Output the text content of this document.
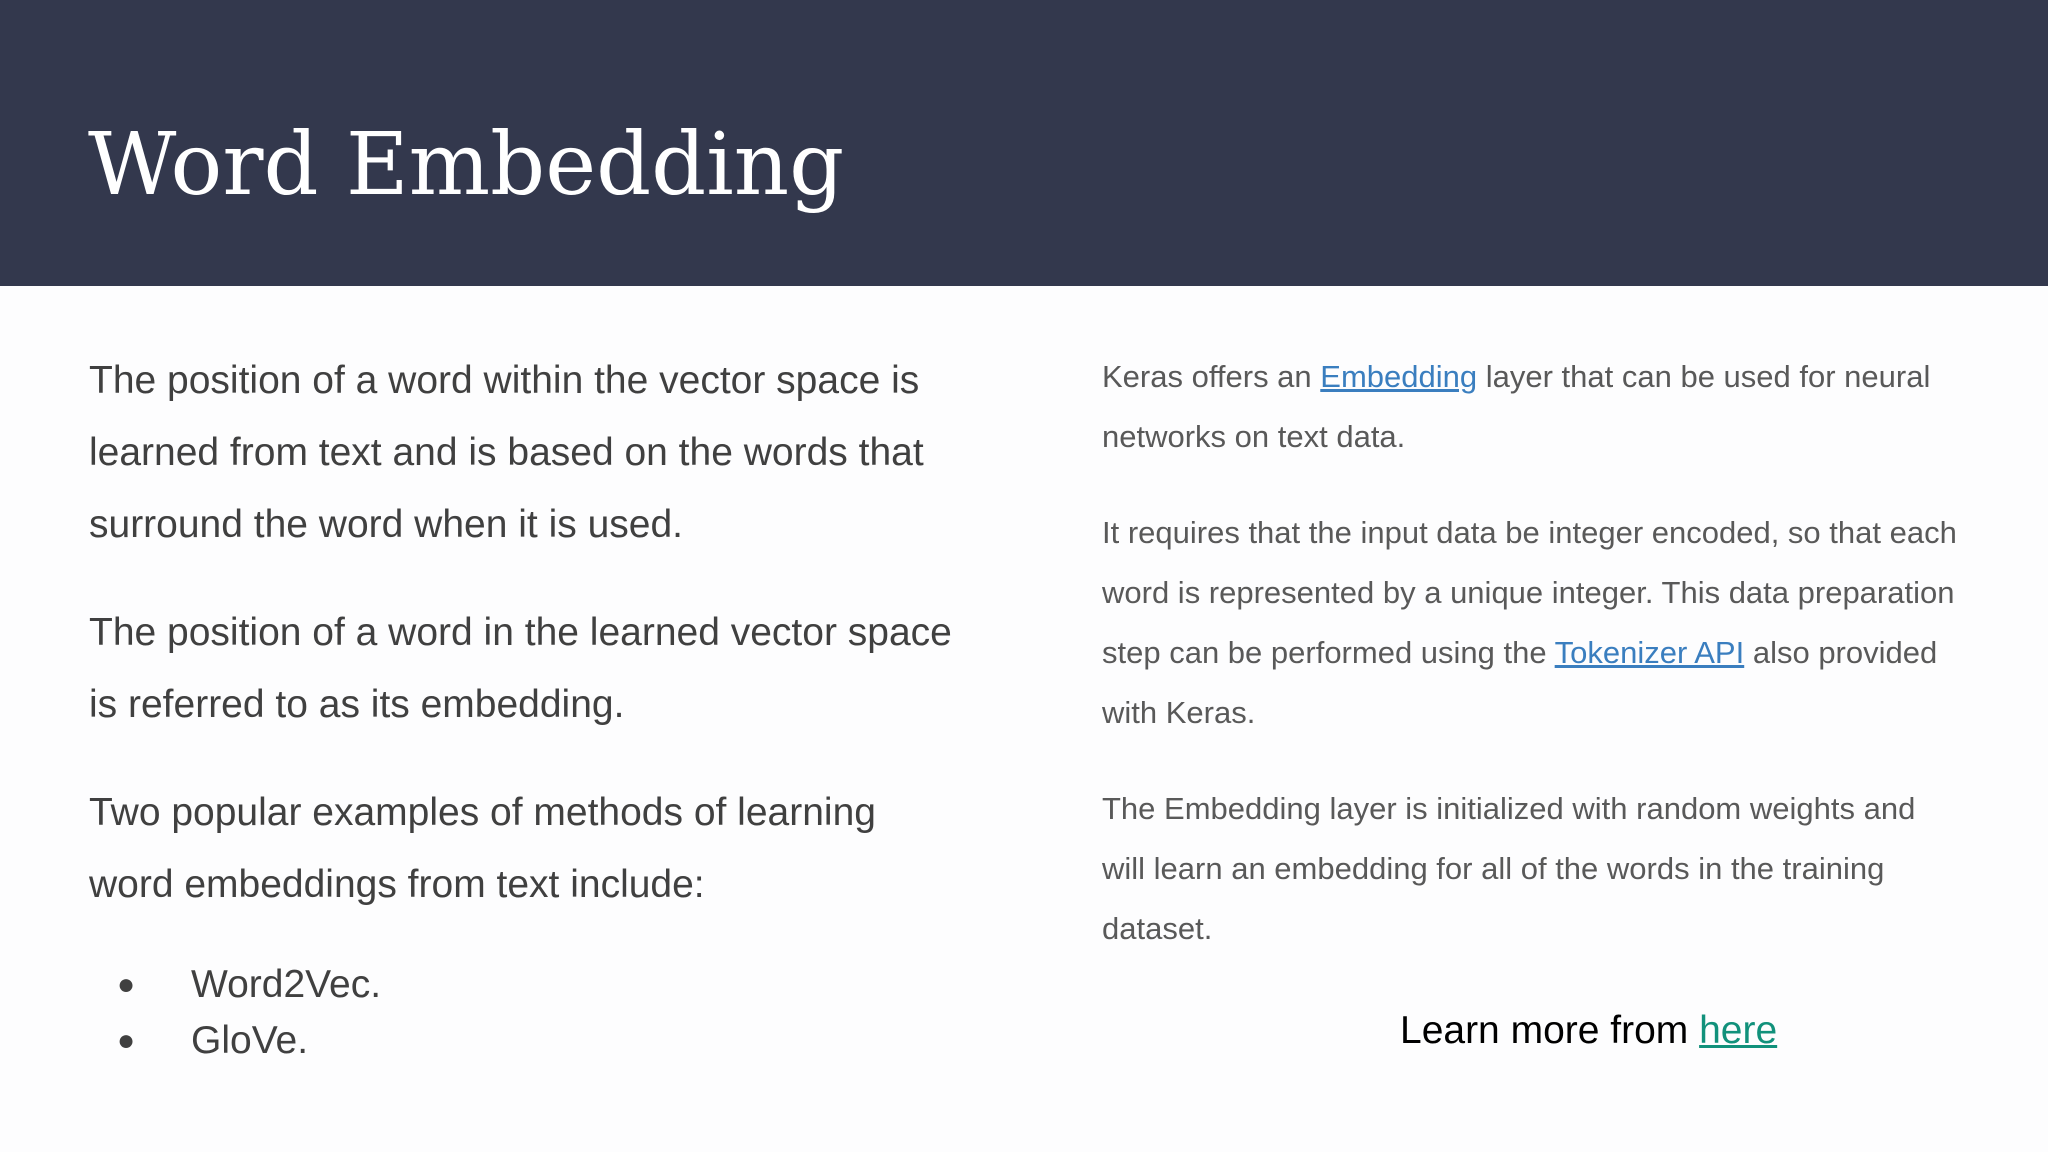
Word Embedding

The position of a word within the vector space is learned from text and is based on the words that surround the word when it is used.

The position of a word in the learned vector space is referred to as its embedding.

Two popular examples of methods of learning word embeddings from text include:

● Word2Vec.
● GloVe.

Keras offers an Embedding layer that can be used for neural networks on text data.

It requires that the input data be integer encoded, so that each word is represented by a unique integer. This data preparation step can be performed using the Tokenizer API also provided with Keras.

The Embedding layer is initialized with random weights and will learn an embedding for all of the words in the training dataset.

Learn more from here
